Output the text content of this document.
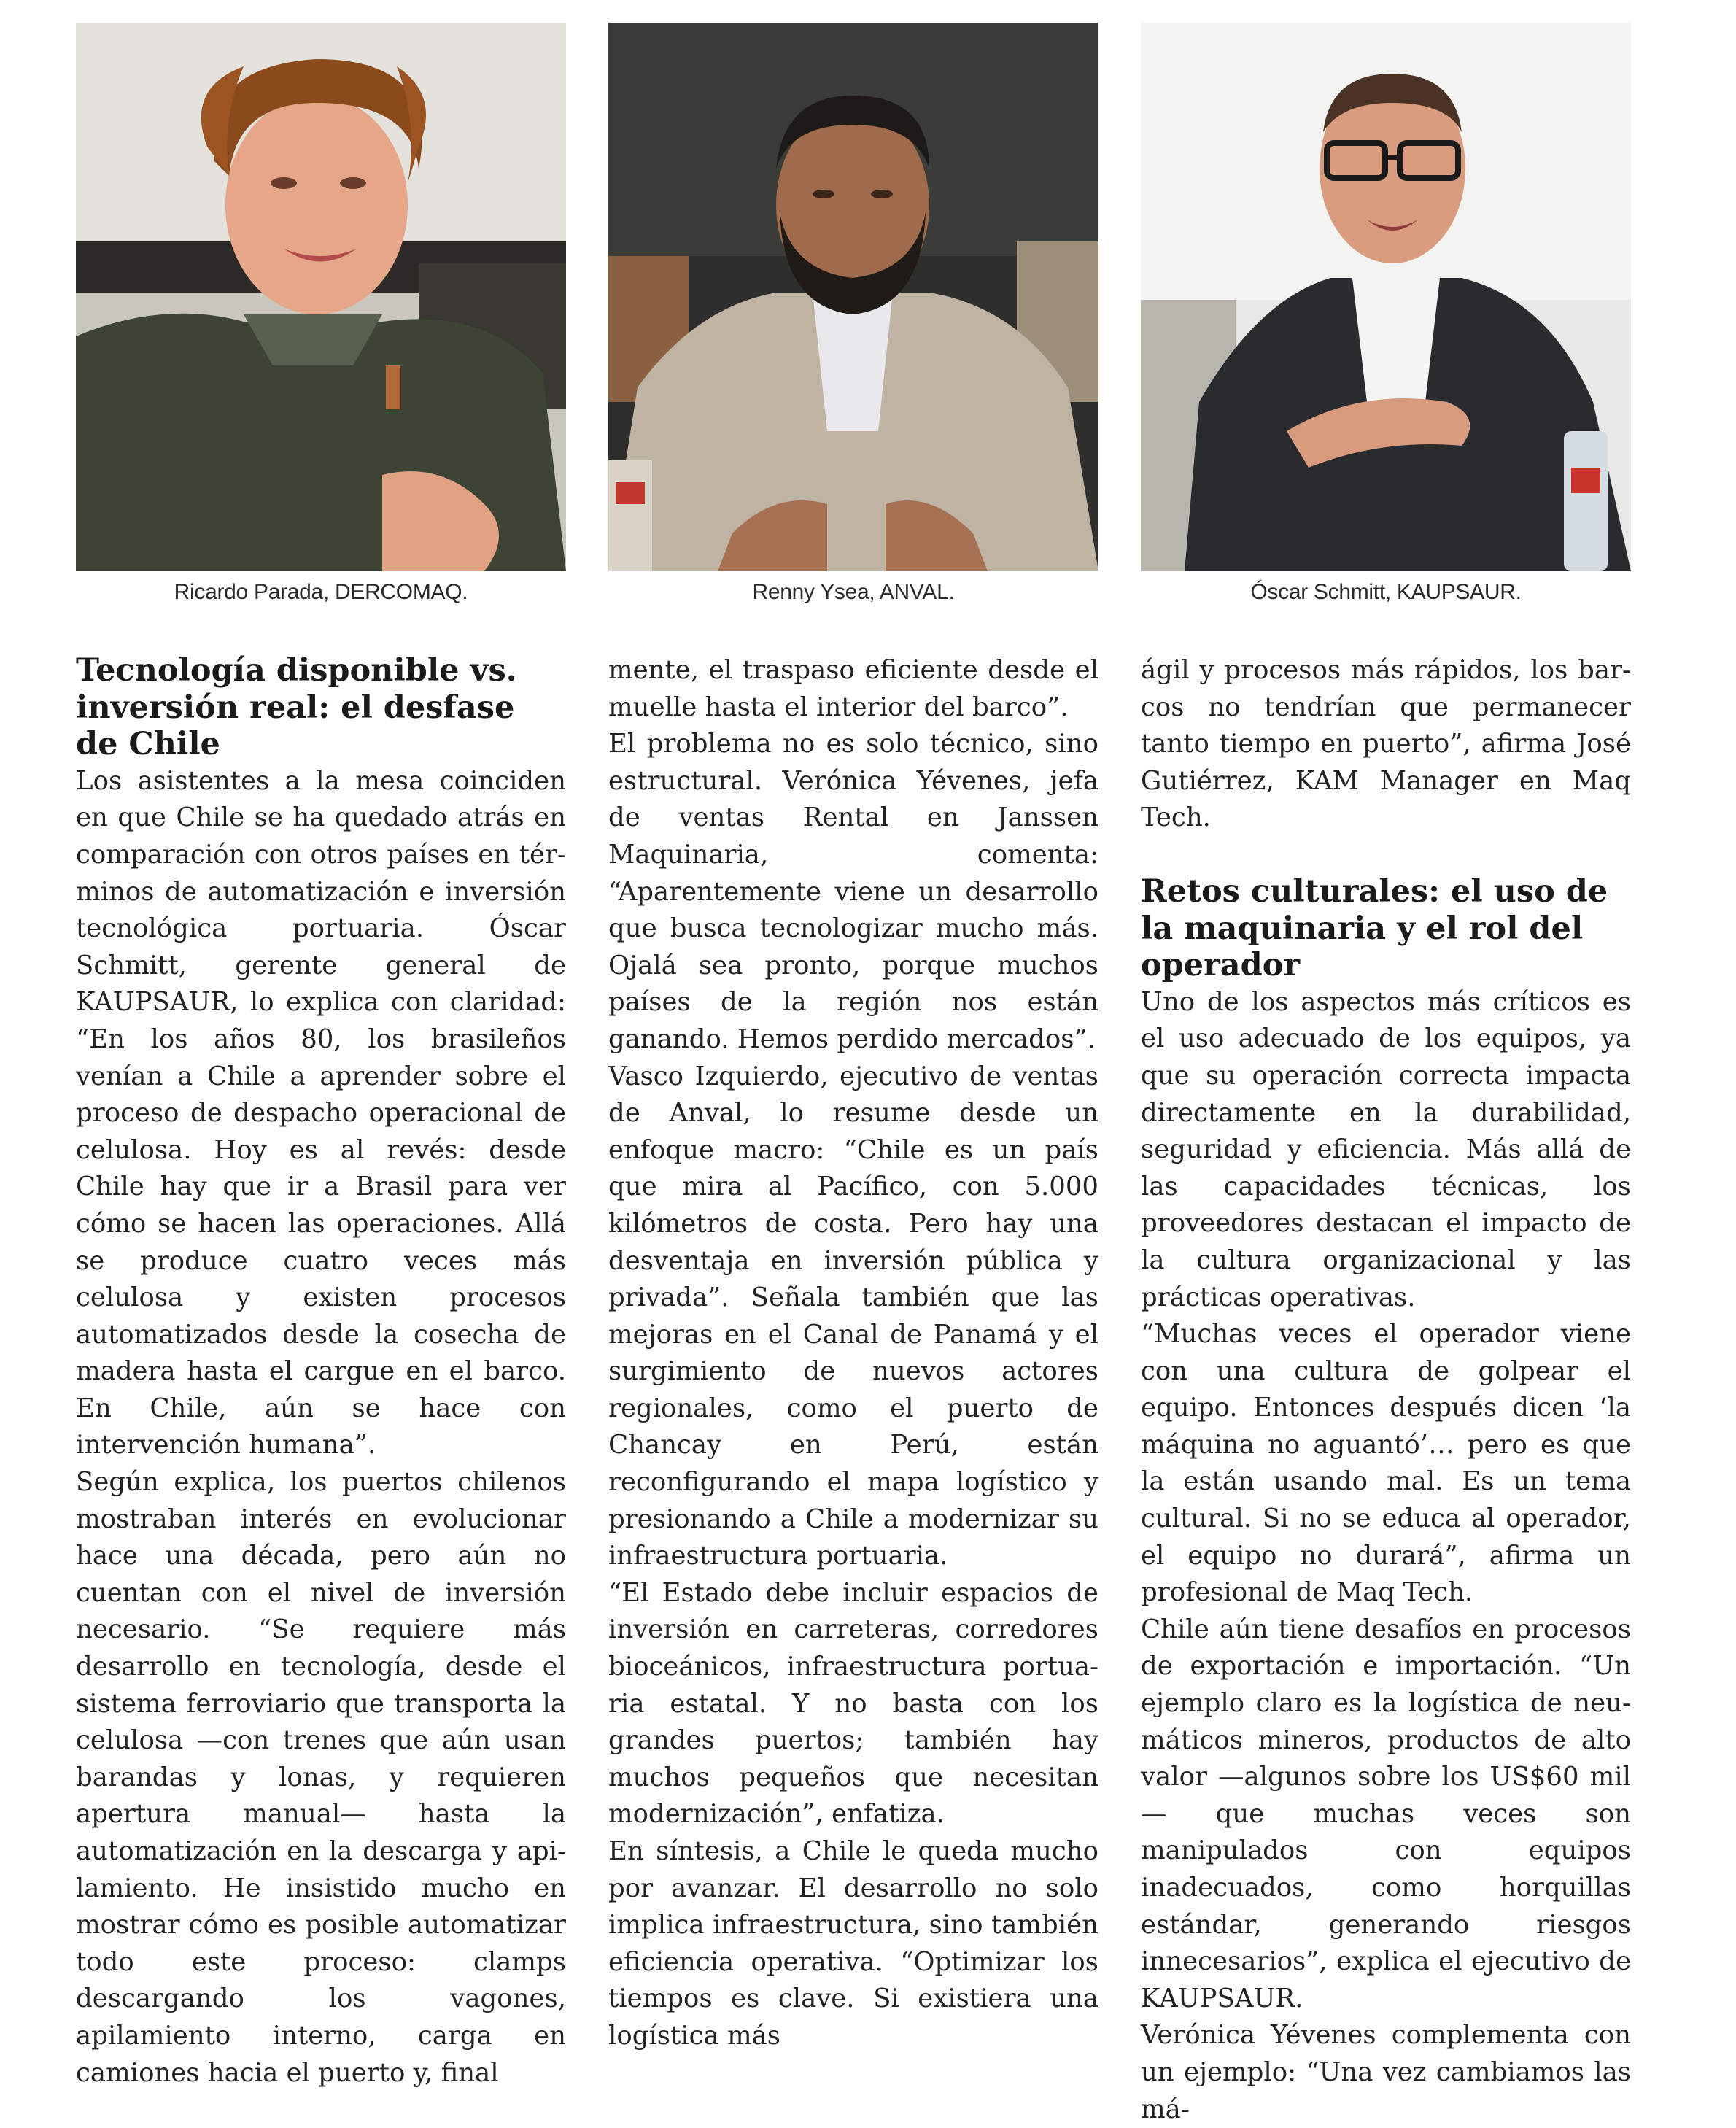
Ricardo Parada, DERCOMAQ.	Renny Ysea, ANVAL.	Óscar Schmitt, KAUPSAUR.
Tecnología disponible vs. inversión real: el desfase de Chile

Los asistentes a la mesa coinciden en que Chile se ha quedado atrás en comparación con otros países en términos de automatización e inversión tecnológica portuaria. Óscar Schmitt, gerente general de KAUPSAUR, lo explica con claridad: “En los años 80, los brasileños venían a Chile a aprender sobre el proceso de despacho operacional de celulosa. Hoy es al revés: desde Chile hay que ir a Brasil para ver cómo se hacen las operaciones. Allá se produce cuatro veces más celulosa y existen procesos automatizados desde la cosecha de madera hasta el cargue en el barco. En Chile, aún se hace con intervención humana”.

Según explica, los puertos chilenos mostraban interés en evolucionar hace una década, pero aún no cuentan con el nivel de inversión necesario. “Se requiere más desarrollo en tecnología, desde el sistema ferroviario que transporta la celulosa —con trenes que aún usan barandas y lonas, y requieren apertura manual— hasta la automatización en la descarga y apilamiento. He insistido mucho en mostrar cómo es posible automatizar todo este proceso: clamps descargando los vagones, apilamiento interno, carga en camiones hacia el puerto y, final

mente, el traspaso eficiente desde el muelle hasta el interior del barco”.

El problema no es solo técnico, sino estructural. Verónica Yévenes, jefa de ventas Rental en Janssen Maquinaria, comenta: “Aparentemente viene un desarrollo que busca tecnologizar mucho más. Ojalá sea pronto, porque muchos países de la región nos están ganando. Hemos perdido mercados”.

Vasco Izquierdo, ejecutivo de ventas de Anval, lo resume desde un enfoque macro: “Chile es un país que mira al Pacífico, con 5.000 kilómetros de costa. Pero hay una desventaja en inversión pública y privada”. Señala también que las mejoras en el Canal de Panamá y el surgimiento de nuevos actores regionales, como el puerto de Chancay en Perú, están reconfigurando el mapa logístico y presionando a Chile a modernizar su infraestructura portuaria.

“El Estado debe incluir espacios de inversión en carreteras, corredores bioceánicos, infraestructura portuaria estatal. Y no basta con los grandes puertos; también hay muchos pequeños que necesitan modernización”, enfatiza.

En síntesis, a Chile le queda mucho por avanzar. El desarrollo no solo implica infraestructura, sino también eficiencia operativa. “Optimizar los tiempos es clave. Si existiera una logística más

ágil y procesos más rápidos, los barcos no tendrían que permanecer tanto tiempo en puerto”, afirma José Gutiérrez, KAM Manager en Maq Tech.

Retos culturales: el uso de la maquinaria y el rol del operador

Uno de los aspectos más críticos es el uso adecuado de los equipos, ya que su operación correcta impacta directamente en la durabilidad, seguridad y eficiencia. Más allá de las capacidades técnicas, los proveedores destacan el impacto de la cultura organizacional y las prácticas operativas.

“Muchas veces el operador viene con una cultura de golpear el equipo. Entonces después dicen ‘la máquina no aguantó’… pero es que la están usando mal. Es un tema cultural. Si no se educa al operador, el equipo no durará”, afirma un profesional de Maq Tech.

Chile aún tiene desafíos en procesos de exportación e importación. “Un ejemplo claro es la logística de neumáticos mineros, productos de alto valor —algunos sobre los US$60 mil— que muchas veces son manipulados con equipos inadecuados, como horquillas estándar, generando riesgos innecesarios”, explica el ejecutivo de KAUPSAUR.

Verónica Yévenes complementa con un ejemplo: “Una vez cambiamos las má-
